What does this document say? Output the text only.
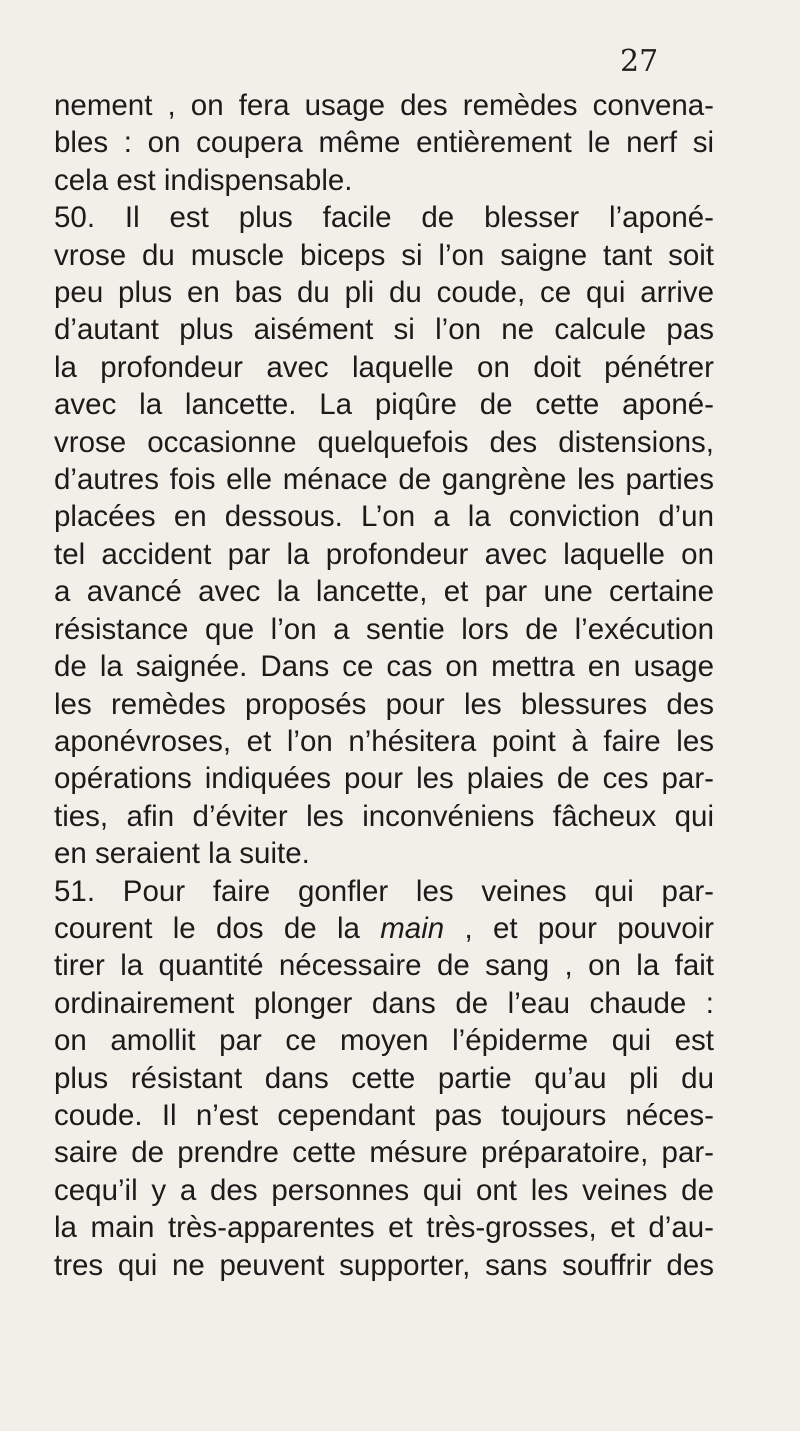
27
nement , on fera usage des remèdes convena-
bles : on coupera même entièrement le nerf si
cela est indispensable.
50. Il est plus facile de blesser l’aponé-
vrose du muscle biceps si l’on saigne tant soit
peu plus en bas du pli du coude, ce qui arrive
d’autant plus aisément si l’on ne calcule pas
la profondeur avec laquelle on doit pénétrer
avec la lancette. La piqûre de cette aponé-
vrose occasionne quelquefois des distensions,
d’autres fois elle ménace de gangrène les parties
placées en dessous. L’on a la conviction d’un
tel accident par la profondeur avec laquelle on
a avancé avec la lancette, et par une certaine
résistance que l’on a sentie lors de l’exécution
de la saignée. Dans ce cas on mettra en usage
les remèdes proposés pour les blessures des
aponévroses, et l’on n’hésitera point à faire les
opérations indiquées pour les plaies de ces par-
ties, afin d’éviter les inconvéniens fâcheux qui
en seraient la suite.
51. Pour faire gonfler les veines qui par-
courent le dos de la main , et pour pouvoir
tirer la quantité nécessaire de sang , on la fait
ordinairement plonger dans de l’eau chaude :
on amollit par ce moyen l’épiderme qui est
plus résistant dans cette partie qu’au pli du
coude. Il n’est cependant pas toujours néces-
saire de prendre cette mésure préparatoire, par-
cequ’il y a des personnes qui ont les veines de
la main très-apparentes et très-grosses, et d’au-
tres qui ne peuvent supporter, sans souffrir des
